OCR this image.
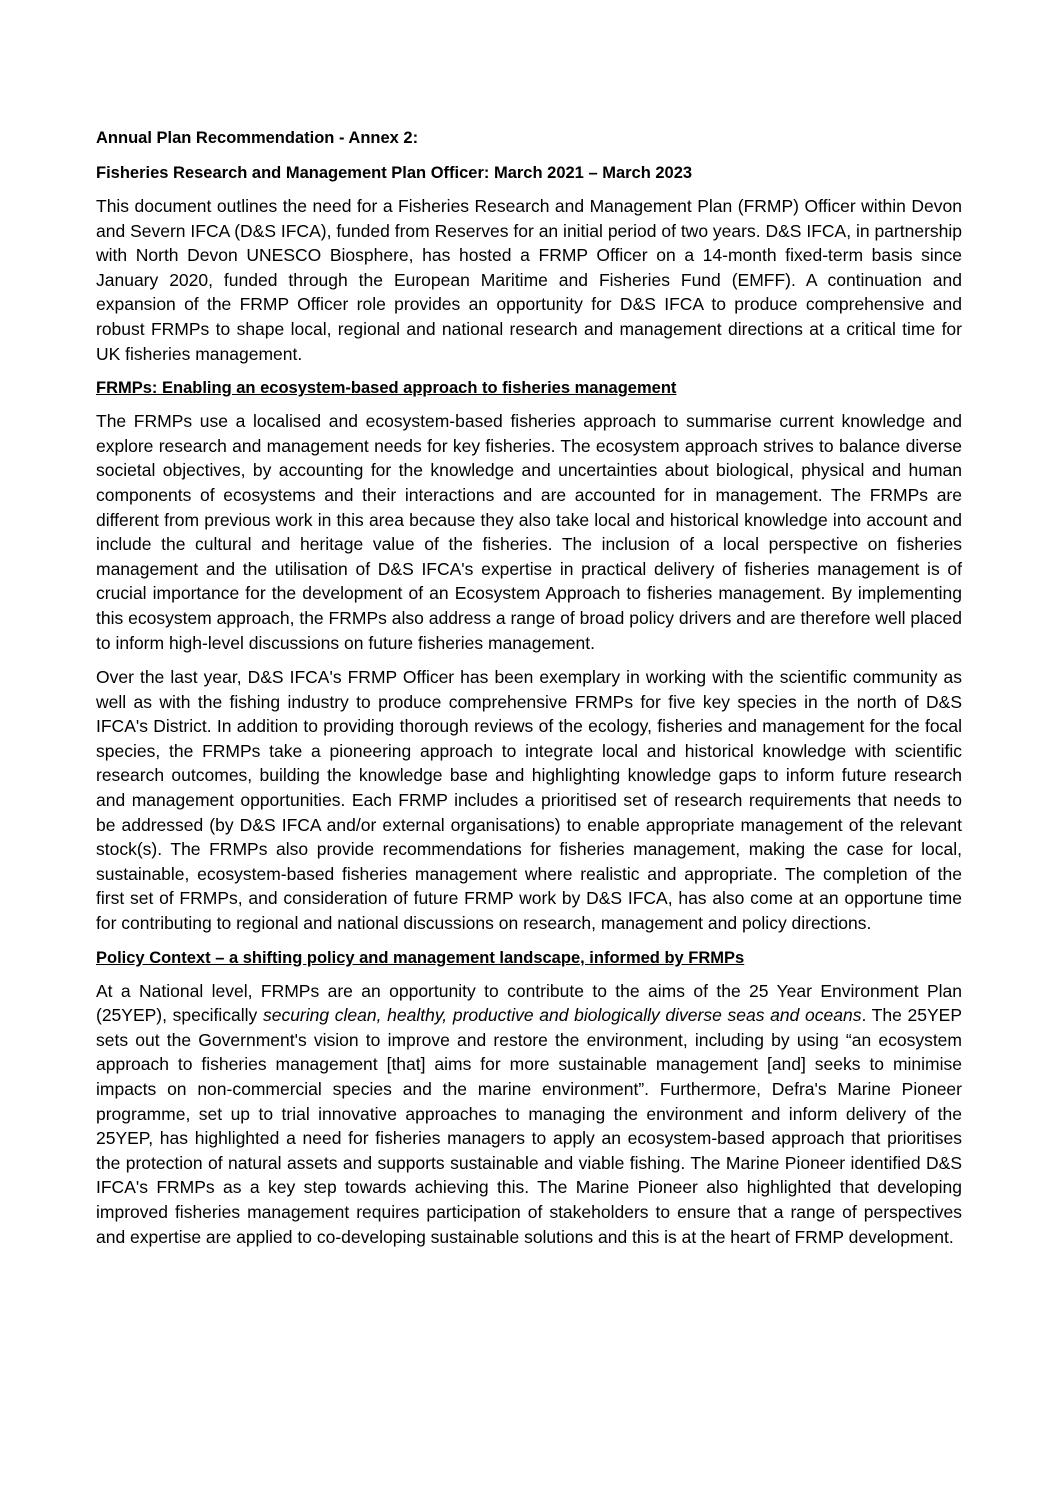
Annual Plan Recommendation - Annex 2:
Fisheries Research and Management Plan Officer: March 2021 – March 2023

This document outlines the need for a Fisheries Research and Management Plan (FRMP) Officer within Devon and Severn IFCA (D&S IFCA), funded from Reserves for an initial period of two years. D&S IFCA, in partnership with North Devon UNESCO Biosphere, has hosted a FRMP Officer on a 14-month fixed-term basis since January 2020, funded through the European Maritime and Fisheries Fund (EMFF). A continuation and expansion of the FRMP Officer role provides an opportunity for D&S IFCA to produce comprehensive and robust FRMPs to shape local, regional and national research and management directions at a critical time for UK fisheries management.

FRMPs: Enabling an ecosystem-based approach to fisheries management

The FRMPs use a localised and ecosystem-based fisheries approach to summarise current knowledge and explore research and management needs for key fisheries. The ecosystem approach strives to balance diverse societal objectives, by accounting for the knowledge and uncertainties about biological, physical and human components of ecosystems and their interactions and are accounted for in management. The FRMPs are different from previous work in this area because they also take local and historical knowledge into account and include the cultural and heritage value of the fisheries. The inclusion of a local perspective on fisheries management and the utilisation of D&S IFCA's expertise in practical delivery of fisheries management is of crucial importance for the development of an Ecosystem Approach to fisheries management. By implementing this ecosystem approach, the FRMPs also address a range of broad policy drivers and are therefore well placed to inform high-level discussions on future fisheries management.

Over the last year, D&S IFCA's FRMP Officer has been exemplary in working with the scientific community as well as with the fishing industry to produce comprehensive FRMPs for five key species in the north of D&S IFCA's District. In addition to providing thorough reviews of the ecology, fisheries and management for the focal species, the FRMPs take a pioneering approach to integrate local and historical knowledge with scientific research outcomes, building the knowledge base and highlighting knowledge gaps to inform future research and management opportunities. Each FRMP includes a prioritised set of research requirements that needs to be addressed (by D&S IFCA and/or external organisations) to enable appropriate management of the relevant stock(s). The FRMPs also provide recommendations for fisheries management, making the case for local, sustainable, ecosystem-based fisheries management where realistic and appropriate. The completion of the first set of FRMPs, and consideration of future FRMP work by D&S IFCA, has also come at an opportune time for contributing to regional and national discussions on research, management and policy directions.

Policy Context – a shifting policy and management landscape, informed by FRMPs

At a National level, FRMPs are an opportunity to contribute to the aims of the 25 Year Environment Plan (25YEP), specifically securing clean, healthy, productive and biologically diverse seas and oceans. The 25YEP sets out the Government's vision to improve and restore the environment, including by using “an ecosystem approach to fisheries management [that] aims for more sustainable management [and] seeks to minimise impacts on non-commercial species and the marine environment”. Furthermore, Defra's Marine Pioneer programme, set up to trial innovative approaches to managing the environment and inform delivery of the 25YEP, has highlighted a need for fisheries managers to apply an ecosystem-based approach that prioritises the protection of natural assets and supports sustainable and viable fishing. The Marine Pioneer identified D&S IFCA's FRMPs as a key step towards achieving this. The Marine Pioneer also highlighted that developing improved fisheries management requires participation of stakeholders to ensure that a range of perspectives and expertise are applied to co-developing sustainable solutions and this is at the heart of FRMP development.
